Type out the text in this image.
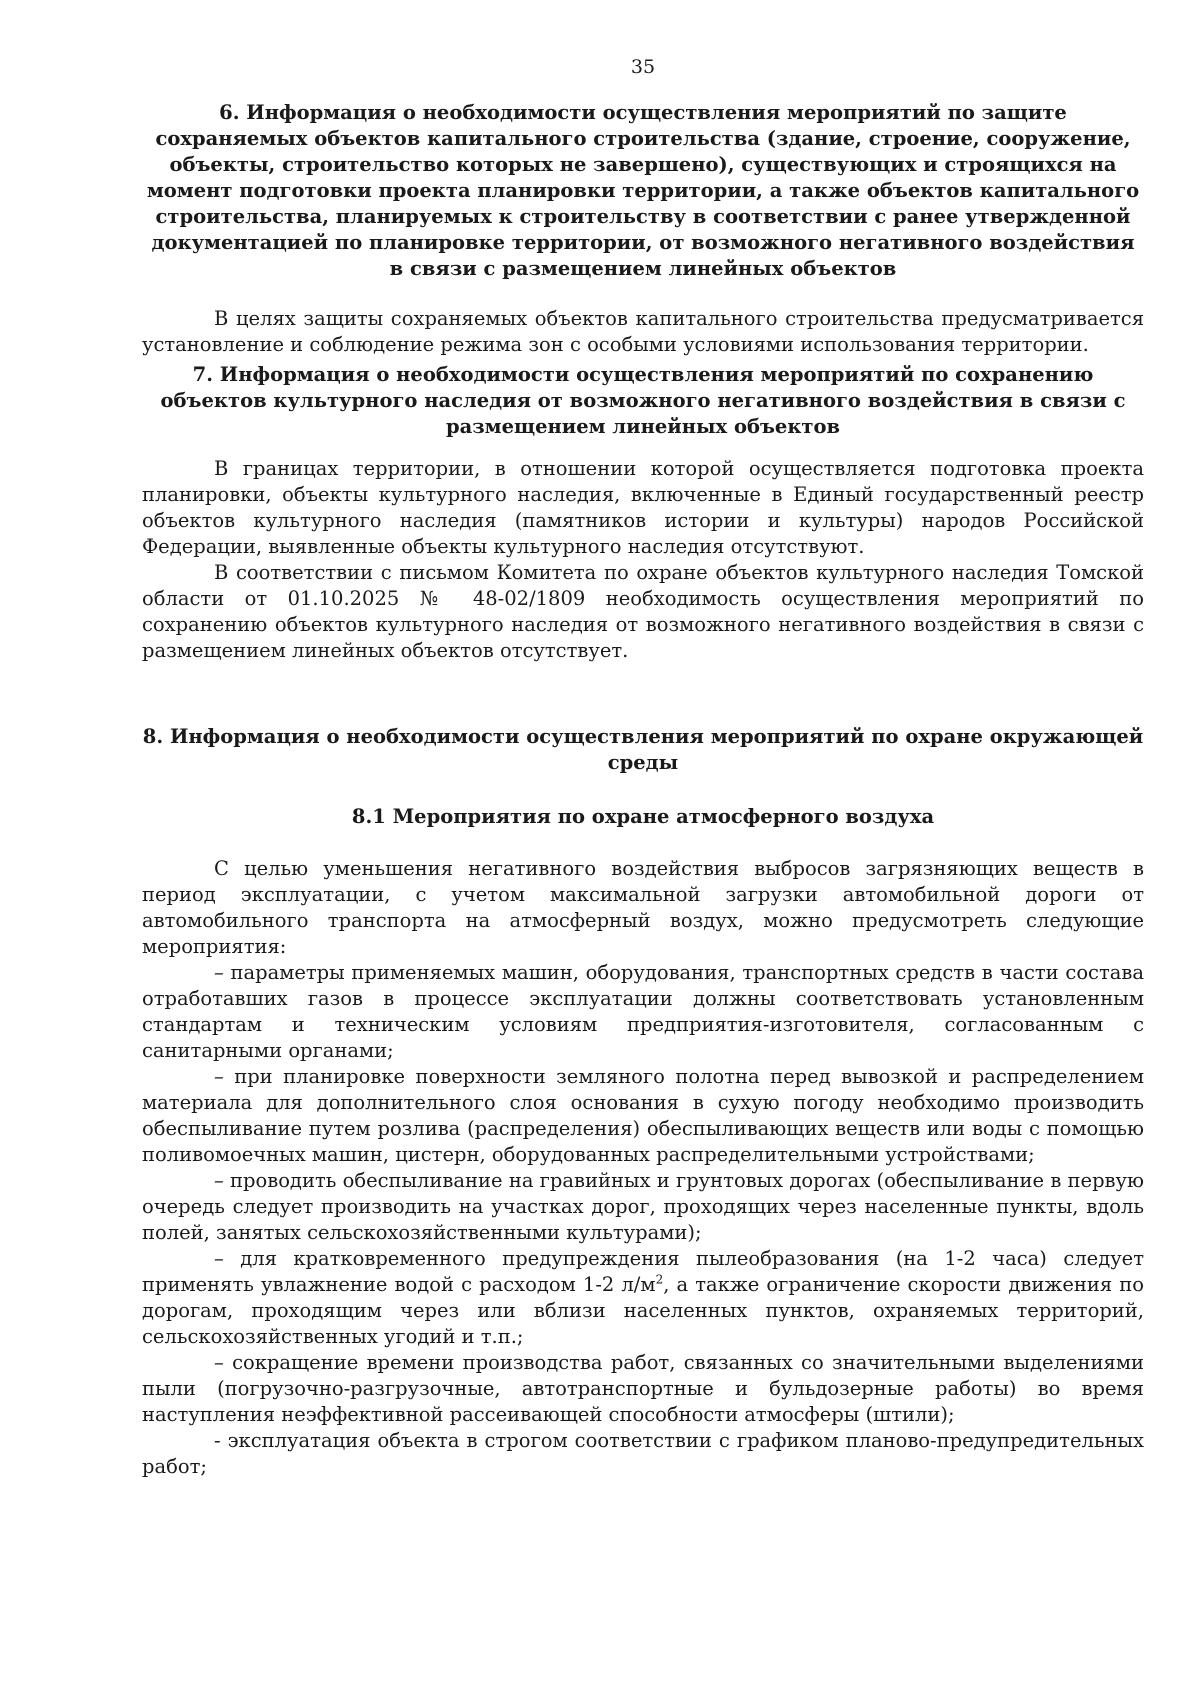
35
6. Информация о необходимости осуществления мероприятий по защите сохраняемых объектов капитального строительства (здание, строение, сооружение, объекты, строительство которых не завершено), существующих и строящихся на момент подготовки проекта планировки территории, а также объектов капитального строительства, планируемых к строительству в соответствии с ранее утвержденной документацией по планировке территории, от возможного негативного воздействия в связи с размещением линейных объектов
В целях защиты сохраняемых объектов капитального строительства предусматривается установление и соблюдение режима зон с особыми условиями использования территории.
7. Информация о необходимости осуществления мероприятий по сохранению объектов культурного наследия от возможного негативного воздействия в связи с размещением линейных объектов
В границах территории, в отношении которой осуществляется подготовка проекта планировки, объекты культурного наследия, включенные в Единый государственный реестр объектов культурного наследия (памятников истории и культуры) народов Российской Федерации, выявленные объекты культурного наследия отсутствуют.
В соответствии с письмом Комитета по охране объектов культурного наследия Томской области от 01.10.2025 № 48-02/1809 необходимость осуществления мероприятий по сохранению объектов культурного наследия от возможного негативного воздействия в связи с размещением линейных объектов отсутствует.
8. Информация о необходимости осуществления мероприятий по охране окружающей среды
8.1 Мероприятия по охране атмосферного воздуха
С целью уменьшения негативного воздействия выбросов загрязняющих веществ в период эксплуатации, с учетом максимальной загрузки автомобильной дороги от автомобильного транспорта на атмосферный воздух, можно предусмотреть следующие мероприятия:
– параметры применяемых машин, оборудования, транспортных средств в части состава отработавших газов в процессе эксплуатации должны соответствовать установленным стандартам и техническим условиям предприятия-изготовителя, согласованным с санитарными органами;
– при планировке поверхности земляного полотна перед вывозкой и распределением материала для дополнительного слоя основания в сухую погоду необходимо производить обеспыливание путем розлива (распределения) обеспыливающих веществ или воды с помощью поливомоечных машин, цистерн, оборудованных распределительными устройствами;
– проводить обеспыливание на гравийных и грунтовых дорогах (обеспыливание в первую очередь следует производить на участках дорог, проходящих через населенные пункты, вдоль полей, занятых сельскохозяйственными культурами);
– для кратковременного предупреждения пылеобразования (на 1-2 часа) следует применять увлажнение водой с расходом 1-2 $л/м^2$, а также ограничение скорости движения по дорогам, проходящим через или вблизи населенных пунктов, охраняемых территорий, сельскохозяйственных угодий и т.п.;
– сокращение времени производства работ, связанных со значительными выделениями пыли (погрузочно-разгрузочные, автотранспортные и бульдозерные работы) во время наступления неэффективной рассеивающей способности атмосферы (штили);
- эксплуатация объекта в строгом соответствии с графиком планово-предупредительных работ;
